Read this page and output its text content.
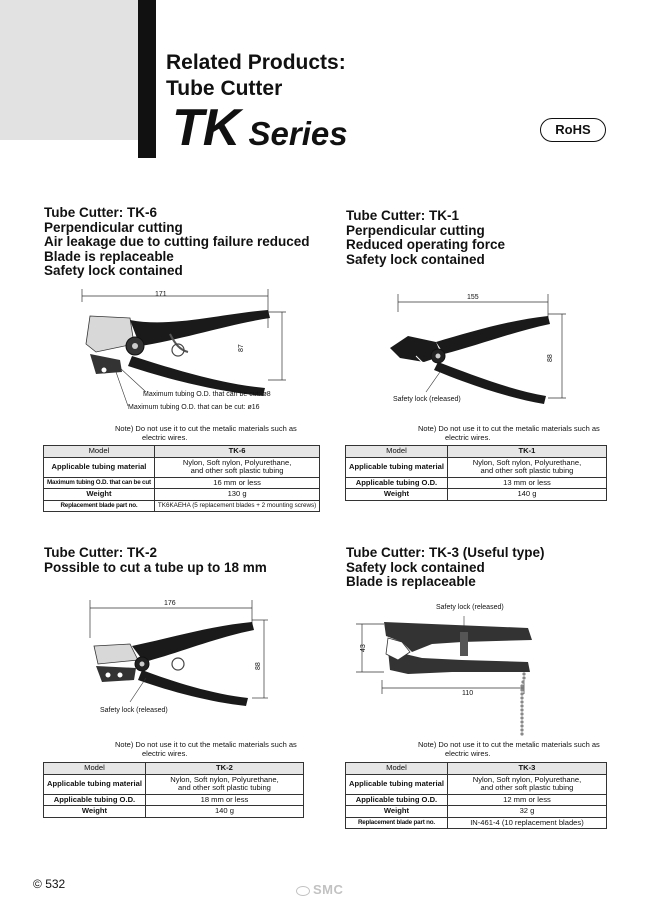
Related Products:
Tube Cutter
TK Series	RoHS
Tube Cutter: TK-6
Perpendicular cutting
Air leakage due to cutting failure reduced
Blade is replaceable
Safety lock contained
Tube Cutter: TK-1
Perpendicular cutting
Reduced operating force
Safety lock contained
Tube Cutter: TK-2
Possible to cut a tube up to 18 mm
Tube Cutter: TK-3 (Useful type)
Safety lock contained
Blade is replaceable
171
87
Maximum tubing O.D. that can be cut: ø8
Maximum tubing O.D. that can be cut: ø16
155
88
Safety lock (released)
176
88
Safety lock (released)
43
110
Safety lock (released)
Note) Do not use it to cut the metalic materials such as
electric wires.
Note) Do not use it to cut the metalic materials such as
electric wires.
Note) Do not use it to cut the metalic materials such as
electric wires.
Note) Do not use it to cut the metalic materials such as
electric wires.
Model	TK-6
Applicable tubing material	Nylon, Soft nylon, Polyurethane,
and other soft plastic tubing
Maximum tubing O.D. that can be cut	16 mm or less
Weight	130 g
Replacement blade part no.	TK6KAEHA (5 replacement blades + 2 mounting screws)
Model	TK-1
Applicable tubing material	Nylon, Soft nylon, Polyurethane,
and other soft plastic tubing
Applicable tubing O.D.	13 mm or less
Weight	140 g
Model	TK-2
Applicable tubing material	Nylon, Soft nylon, Polyurethane,
and other soft plastic tubing
Applicable tubing O.D.	18 mm or less
Weight	140 g
Model	TK-3
Applicable tubing material	Nylon, Soft nylon, Polyurethane,
and other soft plastic tubing
Applicable tubing O.D.	12 mm or less
Weight	32 g
Replacement blade part no.	IN-461-4 (10 replacement blades)
© 532	SMC
